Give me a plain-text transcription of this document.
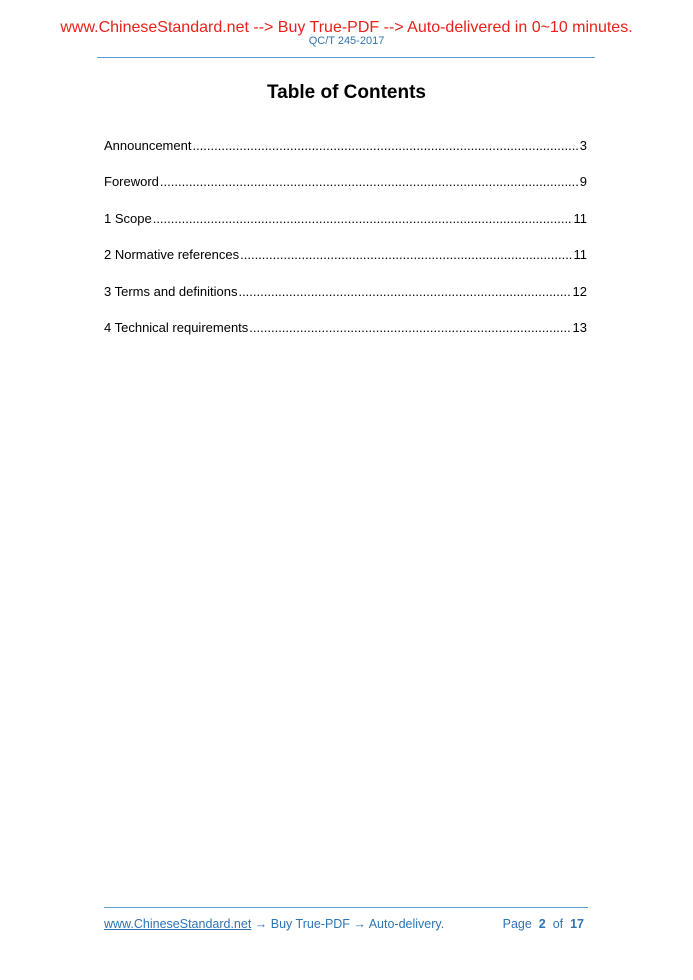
www.ChineseStandard.net --> Buy True-PDF --> Auto-delivered in 0~10 minutes.
QC/T 245-2017
Table of Contents
Announcement .....	3
Foreword .....	9
1 Scope .....	11
2 Normative references .....	11
3 Terms and definitions .....	12
4 Technical requirements .....	13
www.ChineseStandard.net → Buy True-PDF → Auto-delivery.	Page 2 of 17
